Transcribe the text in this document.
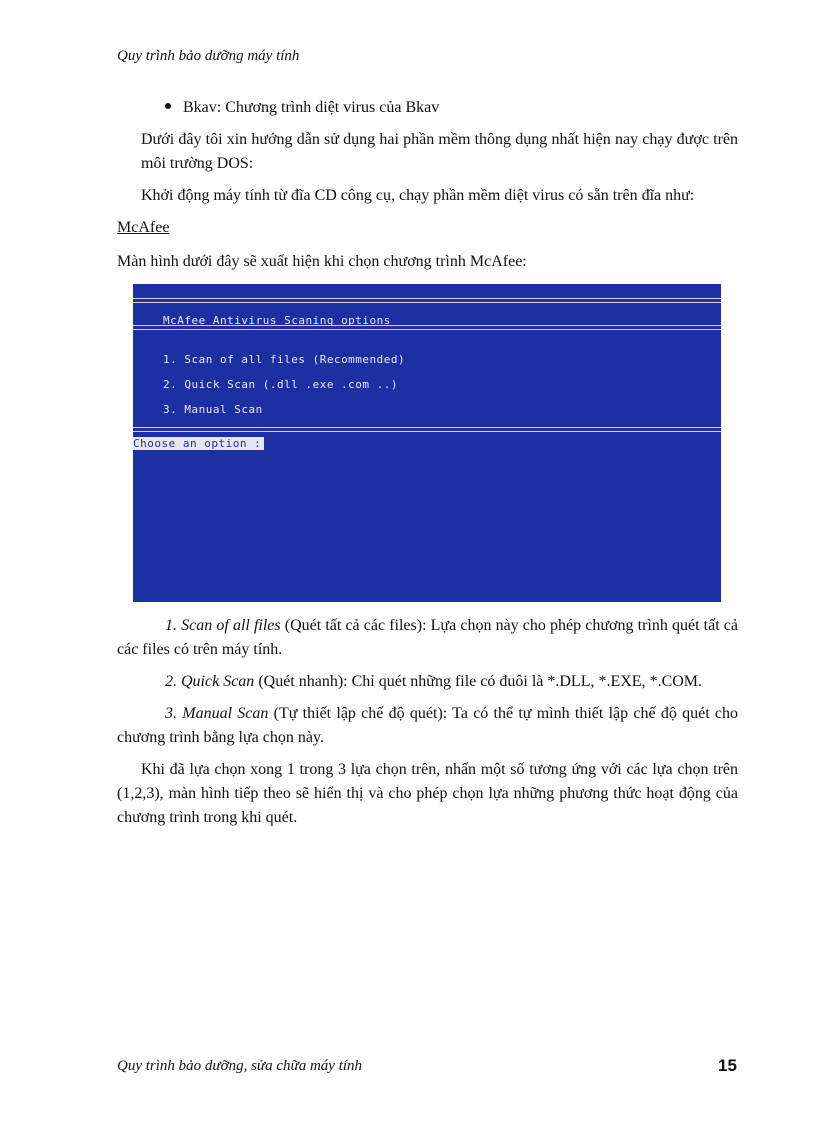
Quy trình bảo dưỡng máy tính
Bkav: Chương trình diệt virus của Bkav

Dưới đây tôi xin hướng dẫn sử dụng hai phần mềm thông dụng nhất hiện nay chạy được trên môi trường DOS:

Khởi động máy tính từ đĩa CD công cụ, chạy phần mềm diệt virus có sẵn trên đĩa như:

McAfee

Màn hình dưới đây sẽ xuất hiện khi chọn chương trình McAfee:

McAfee Antivirus Scaning options
1. Scan of all files (Recommended)
2. Quick Scan (.dll .exe .com ..)
3. Manual Scan
Choose an option :

1. Scan of all files (Quét tất cả các files): Lựa chọn này cho phép chương trình quét tất cả các files có trên máy tính.

2. Quick Scan (Quét nhanh): Chỉ quét những file có đuôi là *.DLL, *.EXE, *.COM.

3. Manual Scan (Tự thiết lập chế độ quét): Ta có thể tự mình thiết lập chế độ quét cho chương trình bằng lựa chọn này.

Khi đã lựa chọn xong 1 trong 3 lựa chọn trên, nhấn một số tương ứng với các lựa chọn trên (1,2,3), màn hình tiếp theo sẽ hiển thị và cho phép chọn lựa những phương thức hoạt động của chương trình trong khi quét.

Quy trình bảo dưỡng, sửa chữa máy tính	15
